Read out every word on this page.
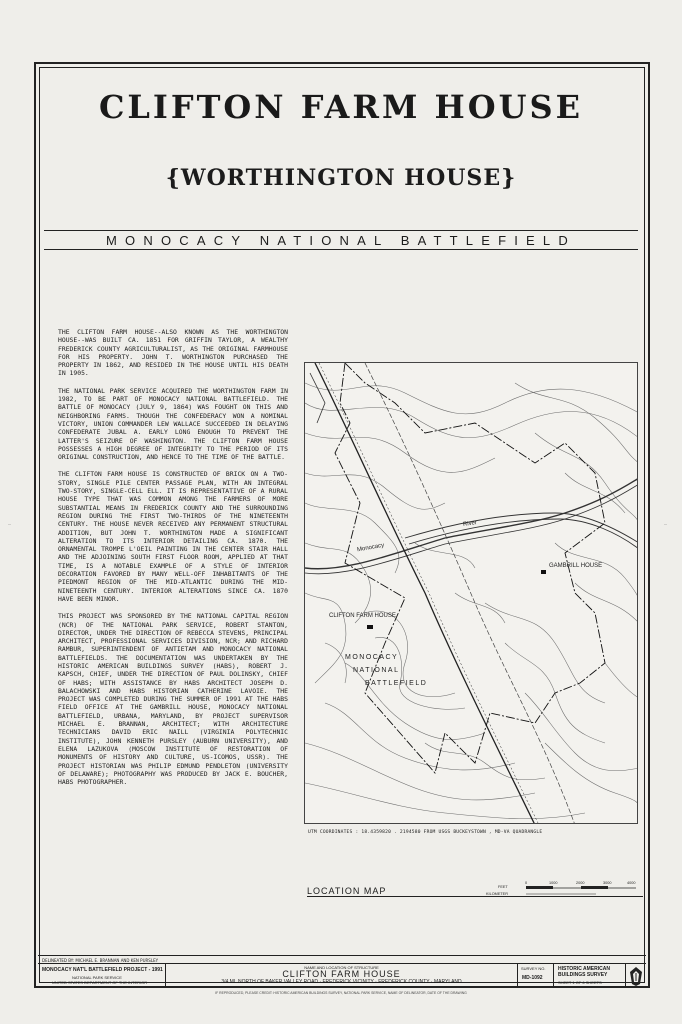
—	—
CLIFTON FARM HOUSE
{WORTHINGTON HOUSE}
MONOCACY NATIONAL BATTLEFIELD

THE CLIFTON FARM HOUSE--ALSO KNOWN AS THE WORTHINGTON HOUSE--WAS BUILT CA. 1851 FOR GRIFFIN TAYLOR, A WEALTHY FREDERICK COUNTY AGRICULTURALIST, AS THE ORIGINAL FARMHOUSE FOR HIS PROPERTY. JOHN T. WORTHINGTON PURCHASED THE PROPERTY IN 1862, AND RESIDED IN THE HOUSE UNTIL HIS DEATH IN 1905.

THE NATIONAL PARK SERVICE ACQUIRED THE WORTHINGTON FARM IN 1982, TO BE PART OF MONOCACY NATIONAL BATTLEFIELD. THE BATTLE OF MONOCACY (JULY 9, 1864) WAS FOUGHT ON THIS AND NEIGHBORING FARMS. THOUGH THE CONFEDERACY WON A NOMINAL VICTORY, UNION COMMANDER LEW WALLACE SUCCEEDED IN DELAYING CONFEDERATE JUBAL A. EARLY LONG ENOUGH TO PREVENT THE LATTER'S SEIZURE OF WASHINGTON. THE CLIFTON FARM HOUSE POSSESSES A HIGH DEGREE OF INTEGRITY TO THE PERIOD OF ITS ORIGINAL CONSTRUCTION, AND HENCE TO THE TIME OF THE BATTLE.

THE CLIFTON FARM HOUSE IS CONSTRUCTED OF BRICK ON A TWO-STORY, SINGLE PILE CENTER PASSAGE PLAN, WITH AN INTEGRAL TWO-STORY, SINGLE-CELL ELL. IT IS REPRESENTATIVE OF A RURAL HOUSE TYPE THAT WAS COMMON AMONG THE FARMERS OF MORE SUBSTANTIAL MEANS IN FREDERICK COUNTY AND THE SURROUNDING REGION DURING THE FIRST TWO-THIRDS OF THE NINETEENTH CENTURY. THE HOUSE NEVER RECEIVED ANY PERMANENT STRUCTURAL ADDITION, BUT JOHN T. WORTHINGTON MADE A SIGNIFICANT ALTERATION TO ITS INTERIOR DETAILING CA. 1870. THE ORNAMENTAL TROMPE L'OEIL PAINTING IN THE CENTER STAIR HALL AND THE ADJOINING SOUTH FIRST FLOOR ROOM, APPLIED AT THAT TIME, IS A NOTABLE EXAMPLE OF A STYLE OF INTERIOR DECORATION FAVORED BY MANY WELL-OFF INHABITANTS OF THE PIEDMONT REGION OF THE MID-ATLANTIC DURING THE MID-NINETEENTH CENTURY. INTERIOR ALTERATIONS SINCE CA. 1870 HAVE BEEN MINOR.

THIS PROJECT WAS SPONSORED BY THE NATIONAL CAPITAL REGION (NCR) OF THE NATIONAL PARK SERVICE, ROBERT STANTON, DIRECTOR, UNDER THE DIRECTION OF REBECCA STEVENS, PRINCIPAL ARCHITECT, PROFESSIONAL SERVICES DIVISION, NCR; AND RICHARD RAMBUR, SUPERINTENDENT OF ANTIETAM AND MONOCACY NATIONAL BATTLEFIELDS. THE DOCUMENTATION WAS UNDERTAKEN BY THE HISTORIC AMERICAN BUILDINGS SURVEY (HABS), ROBERT J. KAPSCH, CHIEF, UNDER THE DIRECTION OF PAUL DOLINSKY, CHIEF OF HABS; WITH ASSISTANCE BY HABS ARCHITECT JOSEPH D. BALACHOWSKI AND HABS HISTORIAN CATHERINE LAVOIE. THE PROJECT WAS COMPLETED DURING THE SUMMER OF 1991 AT THE HABS FIELD OFFICE AT THE GAMBRILL HOUSE, MONOCACY NATIONAL BATTLEFIELD, URBANA, MARYLAND, BY PROJECT SUPERVISOR MICHAEL E. BRANNAN, ARCHITECT; WITH ARCHITECTURE TECHNICIANS DAVID ERIC NAILL (VIRGINIA POLYTECHNIC INSTITUTE), JOHN KENNETH PURSLEY (AUBURN UNIVERSITY), AND ELENA LAZUKOVA (MOSCOW INSTITUTE OF RESTORATION OF MONUMENTS OF HISTORY AND CULTURE, US-ICOMOS, USSR). THE PROJECT HISTORIAN WAS PHILIP EDMUND PENDLETON (UNIVERSITY OF DELAWARE); PHOTOGRAPHY WAS PRODUCED BY JACK E. BOUCHER, HABS PHOTOGRAPHER.

CLIFTON FARM HOUSE
GAMBRILL HOUSE
MONOCACY
NATIONAL
BATTLEFIELD
Monocacy
River
UTM COORDINATES : 18.4359820 . 2194580 FROM USGS BUCKEYSTOWN , MD-VA QUADRANGLE
LOCATION MAP	FEET
KILOMETER
0	1000	2000	3000	4000
DELINEATED BY: MICHAEL E. BRANNAN AND KEN PURSLEY
MONOCACY NAT'L BATTLEFIELD PROJECT - 1991
NATIONAL PARK SERVICE
UNITED STATES DEPARTMENT OF THE INTERIOR
NAME AND LOCATION OF STRUCTURE
CLIFTON FARM HOUSE
3/4 MI. NORTH OF BAKER VALLEY ROAD · FREDERICK VICINITY · FREDERICK COUNTY · MARYLAND
SURVEY NO.
MD-1092
HISTORIC AMERICAN
BUILDINGS SURVEY
SHEET 1 OF 6 SHEETS
IF REPRODUCED, PLEASE CREDIT: HISTORIC AMERICAN BUILDINGS SURVEY, NATIONAL PARK SERVICE, NAME OF DELINEATOR, DATE OF THE DRAWING
